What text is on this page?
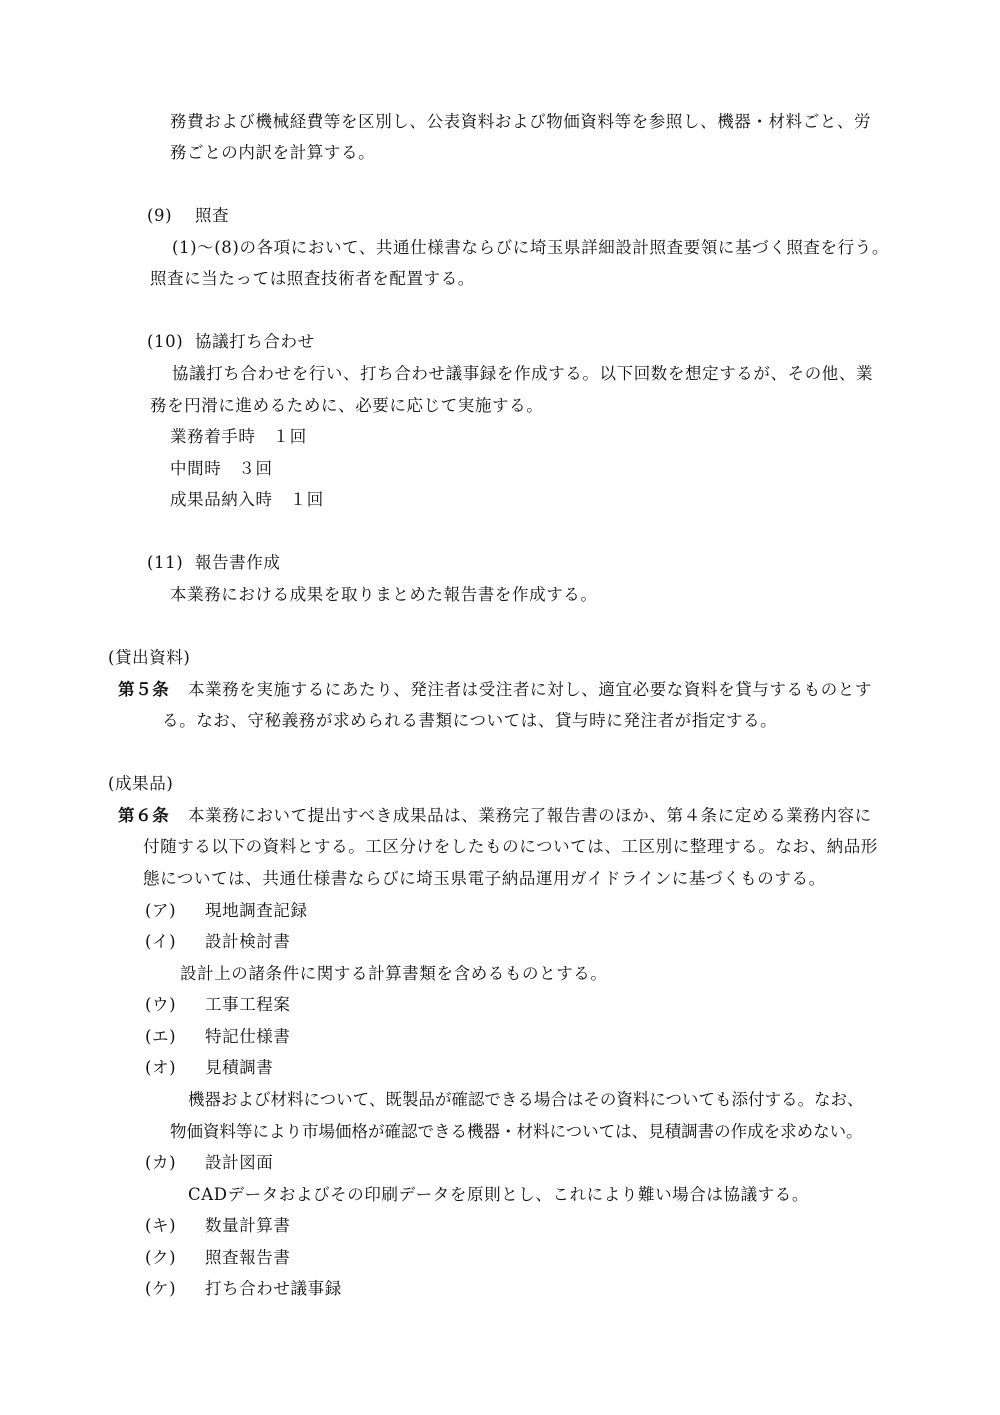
務費および機械経費等を区別し、公表資料および物価資料等を参照し、機器・材料ごと、労
務ごとの内訳を計算する。
(9) 照査
(1)～(8)の各項において、共通仕様書ならびに埼玉県詳細設計照査要領に基づく照査を行う。
照査に当たっては照査技術者を配置する。
(10) 協議打ち合わせ
協議打ち合わせを行い、打ち合わせ議事録を作成する。以下回数を想定するが、その他、業
務を円滑に進めるために、必要に応じて実施する。
業務着手時　１回
中間時　３回
成果品納入時　１回
(11) 報告書作成
本業務における成果を取りまとめた報告書を作成する。
(貸出資料)
第５条 本業務を実施するにあたり、発注者は受注者に対し、適宜必要な資料を貸与するものとす
る。なお、守秘義務が求められる書類については、貸与時に発注者が指定する。
(成果品)
第６条 本業務において提出すべき成果品は、業務完了報告書のほか、第４条に定める業務内容に
付随する以下の資料とする。工区分けをしたものについては、工区別に整理する。なお、納品形
態については、共通仕様書ならびに埼玉県電子納品運用ガイドラインに基づくものする。
(ア) 現地調査記録
(イ) 設計検討書
設計上の諸条件に関する計算書類を含めるものとする。
(ウ) 工事工程案
(エ) 特記仕様書
(オ) 見積調書
機器および材料について、既製品が確認できる場合はその資料についても添付する。なお、
物価資料等により市場価格が確認できる機器・材料については、見積調書の作成を求めない。
(カ) 設計図面
CADデータおよびその印刷データを原則とし、これにより難い場合は協議する。
(キ) 数量計算書
(ク) 照査報告書
(ケ) 打ち合わせ議事録
